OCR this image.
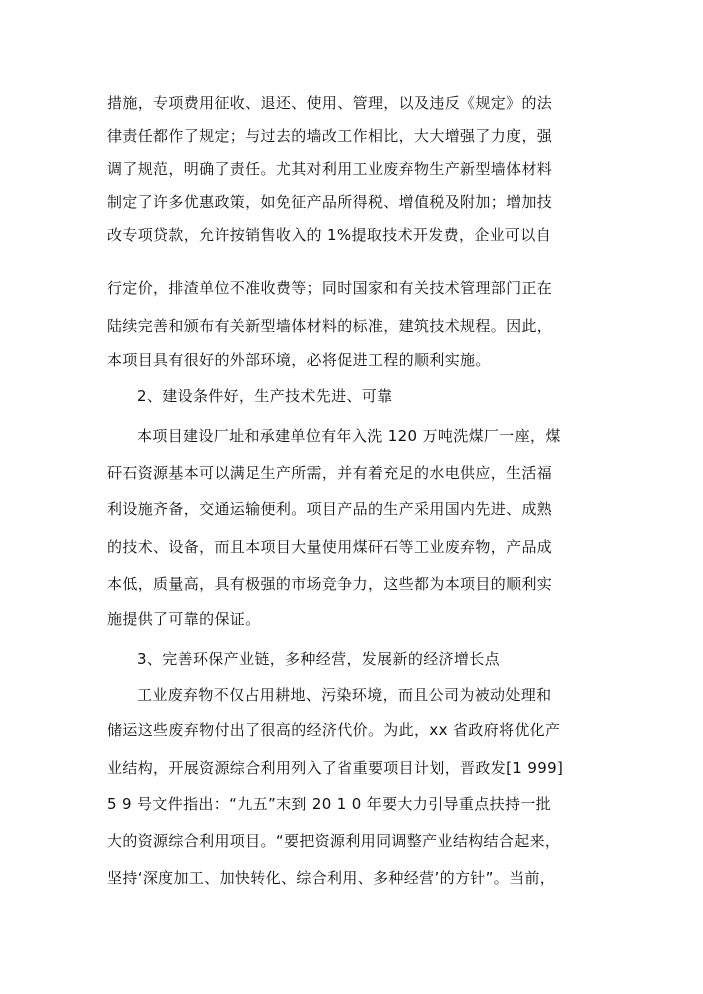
措施，专项费用征收、退还、使用、管理，以及违反《规定》的法
律责任都作了规定；与过去的墙改工作相比，大大增强了力度，强
调了规范，明确了责任。尤其对利用工业废弃物生产新型墙体材料
制定了许多优惠政策，如免征产品所得税、增值税及附加；增加技
改专项贷款，允许按销售收入的 1%提取技术开发费，企业可以自
行定价，排渣单位不准收费等；同时国家和有关技术管理部门正在
陆续完善和颁布有关新型墙体材料的标准，建筑技术规程。因此，
本项目具有很好的外部环境，必将促进工程的顺利实施。
2、建设条件好，生产技术先进、可靠
本项目建设厂址和承建单位有年入洗 120 万吨洗煤厂一座，煤
矸石资源基本可以满足生产所需，并有着充足的水电供应，生活福
利设施齐备，交通运输便利。项目产品的生产采用国内先进、成熟
的技术、设备，而且本项目大量使用煤矸石等工业废弃物，产品成
本低，质量高，具有极强的市场竞争力，这些都为本项目的顺利实
施提供了可靠的保证。
3、完善环保产业链，多种经营，发展新的经济增长点
工业废弃物不仅占用耕地、污染环境，而且公司为被动处理和
储运这些废弃物付出了很高的经济代价。为此，xx 省政府将优化产
业结构，开展资源综合利用列入了省重要项目计划，晋政发[1 999]
5 9 号文件指出：“九五”末到 20 1 0 年要大力引导重点扶持一批
大的资源综合利用项目。“要把资源利用同调整产业结构结合起来，
坚持‘深度加工、加快转化、综合利用、多种经营’的方针”。当前，
